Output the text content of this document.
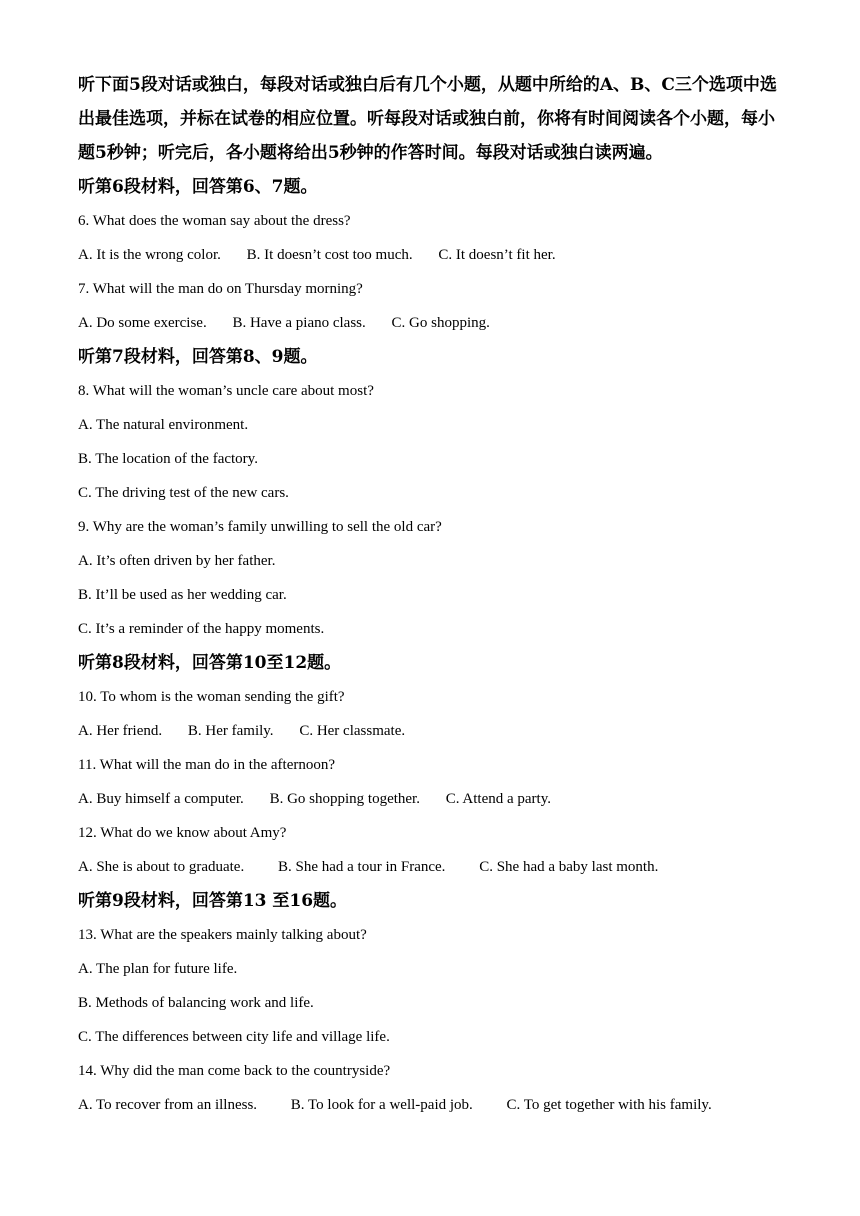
听下面5段对话或独白，每段对话或独白后有几个小题，从题中所给的A、B、C三个选项中选出最佳选项，并标在试卷的相应位置。听每段对话或独白前，你将有时间阅读各个小题，每小题5秒钟；听完后，各小题将给出5秒钟的作答时间。每段对话或独白读两遍。

听第6段材料，回答第6、7题。
6. What does the woman say about the dress?
A. It is the wrong color. B. It doesn’t cost too much. C. It doesn’t fit her.
7. What will the man do on Thursday morning?
A. Do some exercise. B. Have a piano class. C. Go shopping.
听第7段材料，回答第8、9题。
8. What will the woman’s uncle care about most?
A. The natural environment.
B. The location of the factory.
C. The driving test of the new cars.
9. Why are the woman’s family unwilling to sell the old car?
A. It’s often driven by her father.
B. It’ll be used as her wedding car.
C. It’s a reminder of the happy moments.
听第8段材料，回答第10至12题。
10. To whom is the woman sending the gift?
A. Her friend. B. Her family. C. Her classmate.
11. What will the man do in the afternoon?
A. Buy himself a computer. B. Go shopping together. C. Attend a party.
12. What do we know about Amy?
A. She is about to graduate. B. She had a tour in France. C. She had a baby last month.
听第9段材料，回答第13 至16题。
13. What are the speakers mainly talking about?
A. The plan for future life.
B. Methods of balancing work and life.
C. The differences between city life and village life.
14. Why did the man come back to the countryside?
A. To recover from an illness. B. To look for a well-paid job. C. To get together with his family.
